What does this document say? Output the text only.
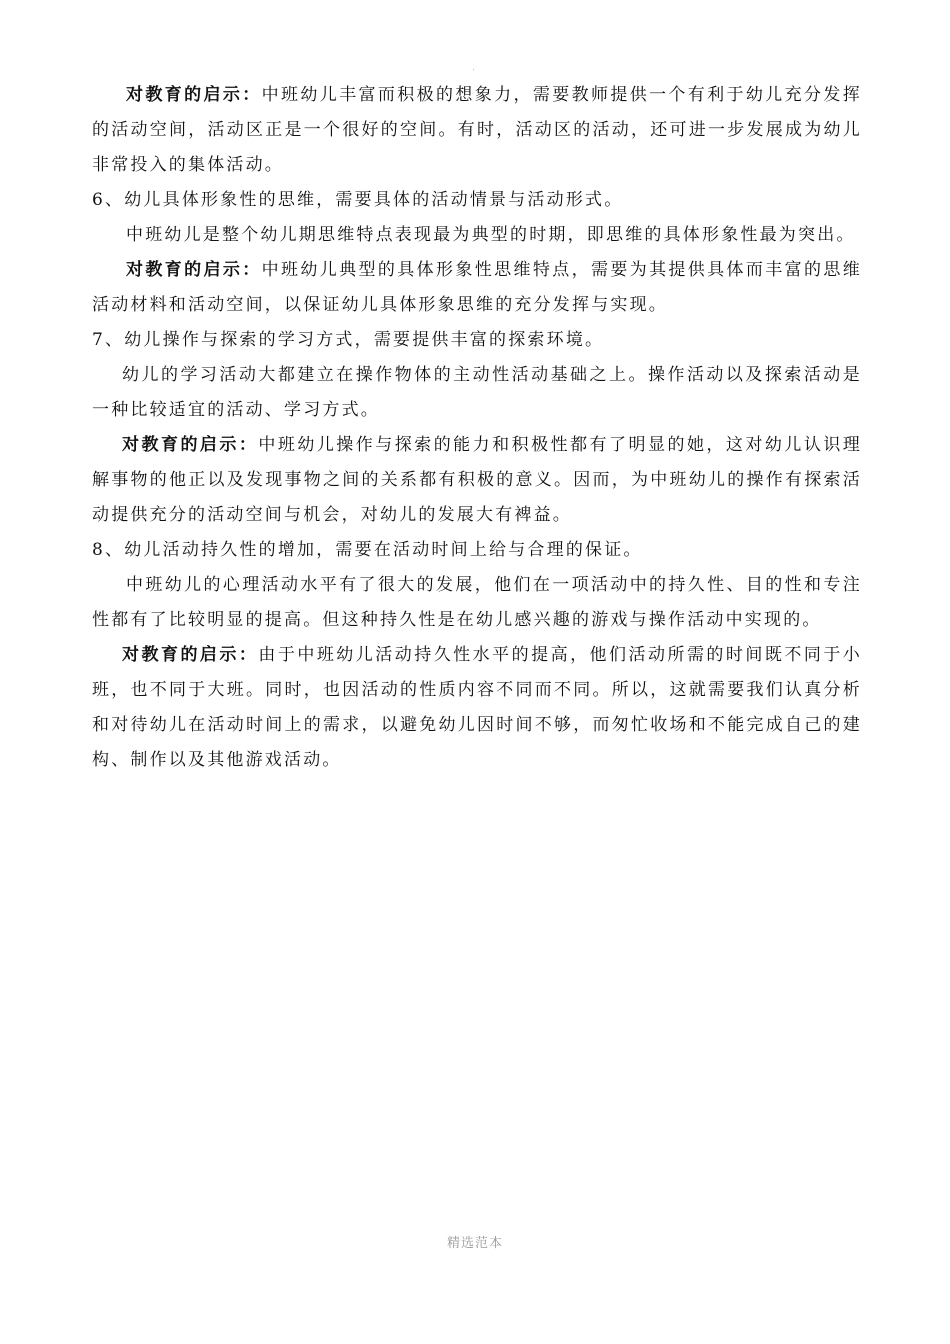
.

对教育的启示：中班幼儿丰富而积极的想象力，需要教师提供一个有利于幼儿充分发挥的活动空间，活动区正是一个很好的空间。有时，活动区的活动，还可进一步发展成为幼儿非常投入的集体活动。

6、幼儿具体形象性的思维，需要具体的活动情景与活动形式。

中班幼儿是整个幼儿期思维特点表现最为典型的时期，即思维的具体形象性最为突出。

对教育的启示：中班幼儿典型的具体形象性思维特点，需要为其提供具体而丰富的思维活动材料和活动空间，以保证幼儿具体形象思维的充分发挥与实现。

7、幼儿操作与探索的学习方式，需要提供丰富的探索环境。

幼儿的学习活动大都建立在操作物体的主动性活动基础之上。操作活动以及探索活动是一种比较适宜的活动、学习方式。

对教育的启示：中班幼儿操作与探索的能力和积极性都有了明显的她，这对幼儿认识理解事物的他正以及发现事物之间的关系都有积极的意义。因而，为中班幼儿的操作有探索活动提供充分的活动空间与机会，对幼儿的发展大有裨益。

8、幼儿活动持久性的增加，需要在活动时间上给与合理的保证。

中班幼儿的心理活动水平有了很大的发展，他们在一项活动中的持久性、目的性和专注性都有了比较明显的提高。但这种持久性是在幼儿感兴趣的游戏与操作活动中实现的。

对教育的启示：由于中班幼儿活动持久性水平的提高，他们活动所需的时间既不同于小班，也不同于大班。同时，也因活动的性质内容不同而不同。所以，这就需要我们认真分析和对待幼儿在活动时间上的需求，以避免幼儿因时间不够，而匆忙收场和不能完成自己的建构、制作以及其他游戏活动。

精选范本
